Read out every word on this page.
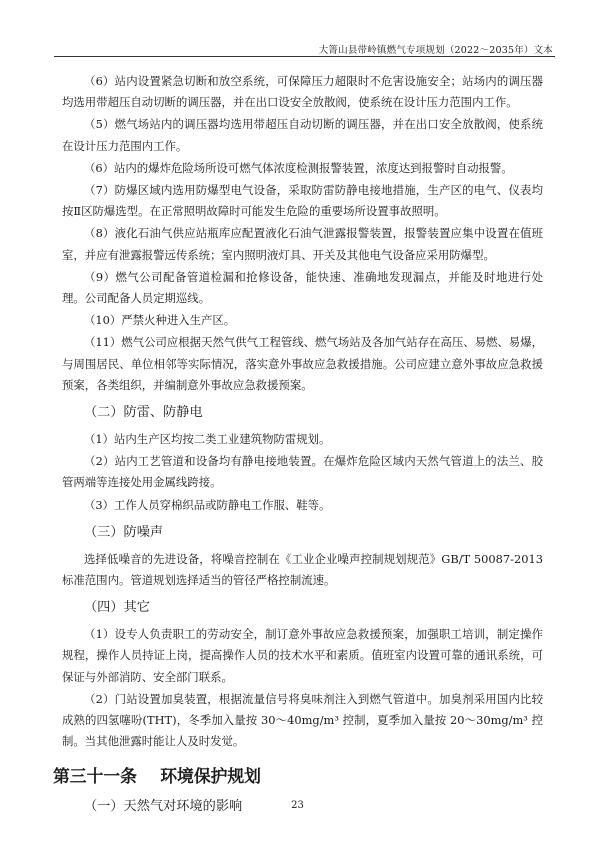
大箐山县带岭镇燃气专项规划（2022～2035年）文本

（6）站内设置紧急切断和放空系统，可保障压力超限时不危害设施安全；站场内的调压器均选用带超压自动切断的调压器，并在出口设安全放散阀，使系统在设计压力范围内工作。

（5）燃气场站内的调压器均选用带超压自动切断的调压器，并在出口安全放散阀，使系统在设计压力范围内工作。

（6）站内的爆炸危险场所设可燃气体浓度检测报警装置，浓度达到报警时自动报警。

（7）防爆区域内选用防爆型电气设备，采取防雷防静电接地措施，生产区的电气、仪表均按Ⅱ区防爆选型。在正常照明故障时可能发生危险的重要场所设置事故照明。

（8）液化石油气供应站瓶库应配置液化石油气泄露报警装置，报警装置应集中设置在值班室，并应有泄露报警远传系统；室内照明液灯具、开关及其他电气设备应采用防爆型。

（9）燃气公司配备管道检漏和抢修设备，能快速、准确地发现漏点，并能及时地进行处理。公司配备人员定期巡线。

（10）严禁火种进入生产区。

（11）燃气公司应根据天然气供气工程管线、燃气场站及各加气站存在高压、易燃、易爆，与周围居民、单位相邻等实际情况，落实意外事故应急救援措施。公司应建立意外事故应急救援预案，各类组织，并编制意外事故应急救援预案。

（二）防雷、防静电

（1）站内生产区均按二类工业建筑物防雷规划。

（2）站内工艺管道和设备均有静电接地装置。在爆炸危险区域内天然气管道上的法兰、胶管两端等连接处用金属线跨接。

（3）工作人员穿棉织品或防静电工作服、鞋等。

（三）防噪声

选择低噪音的先进设备，将噪音控制在《工业企业噪声控制规划规范》GB/T 50087-2013标准范围内。管道规划选择适当的管径严格控制流速。

（四）其它

（1）设专人负责职工的劳动安全，制订意外事故应急救援预案，加强职工培训，制定操作规程，操作人员持证上岗，提高操作人员的技术水平和素质。值班室内设置可靠的通讯系统，可保证与外部消防、安全部门联系。

（2）门站设置加臭装置，根据流量信号将臭味剂注入到燃气管道中。加臭剂采用国内比较成熟的四氢噻吩(THT)，冬季加入量按 30～40mg/m³ 控制，夏季加入量按 20～30mg/m³ 控制。当其他泄露时能让人及时发觉。

第三十一条    环境保护规划
（一）天然气对环境的影响	23
